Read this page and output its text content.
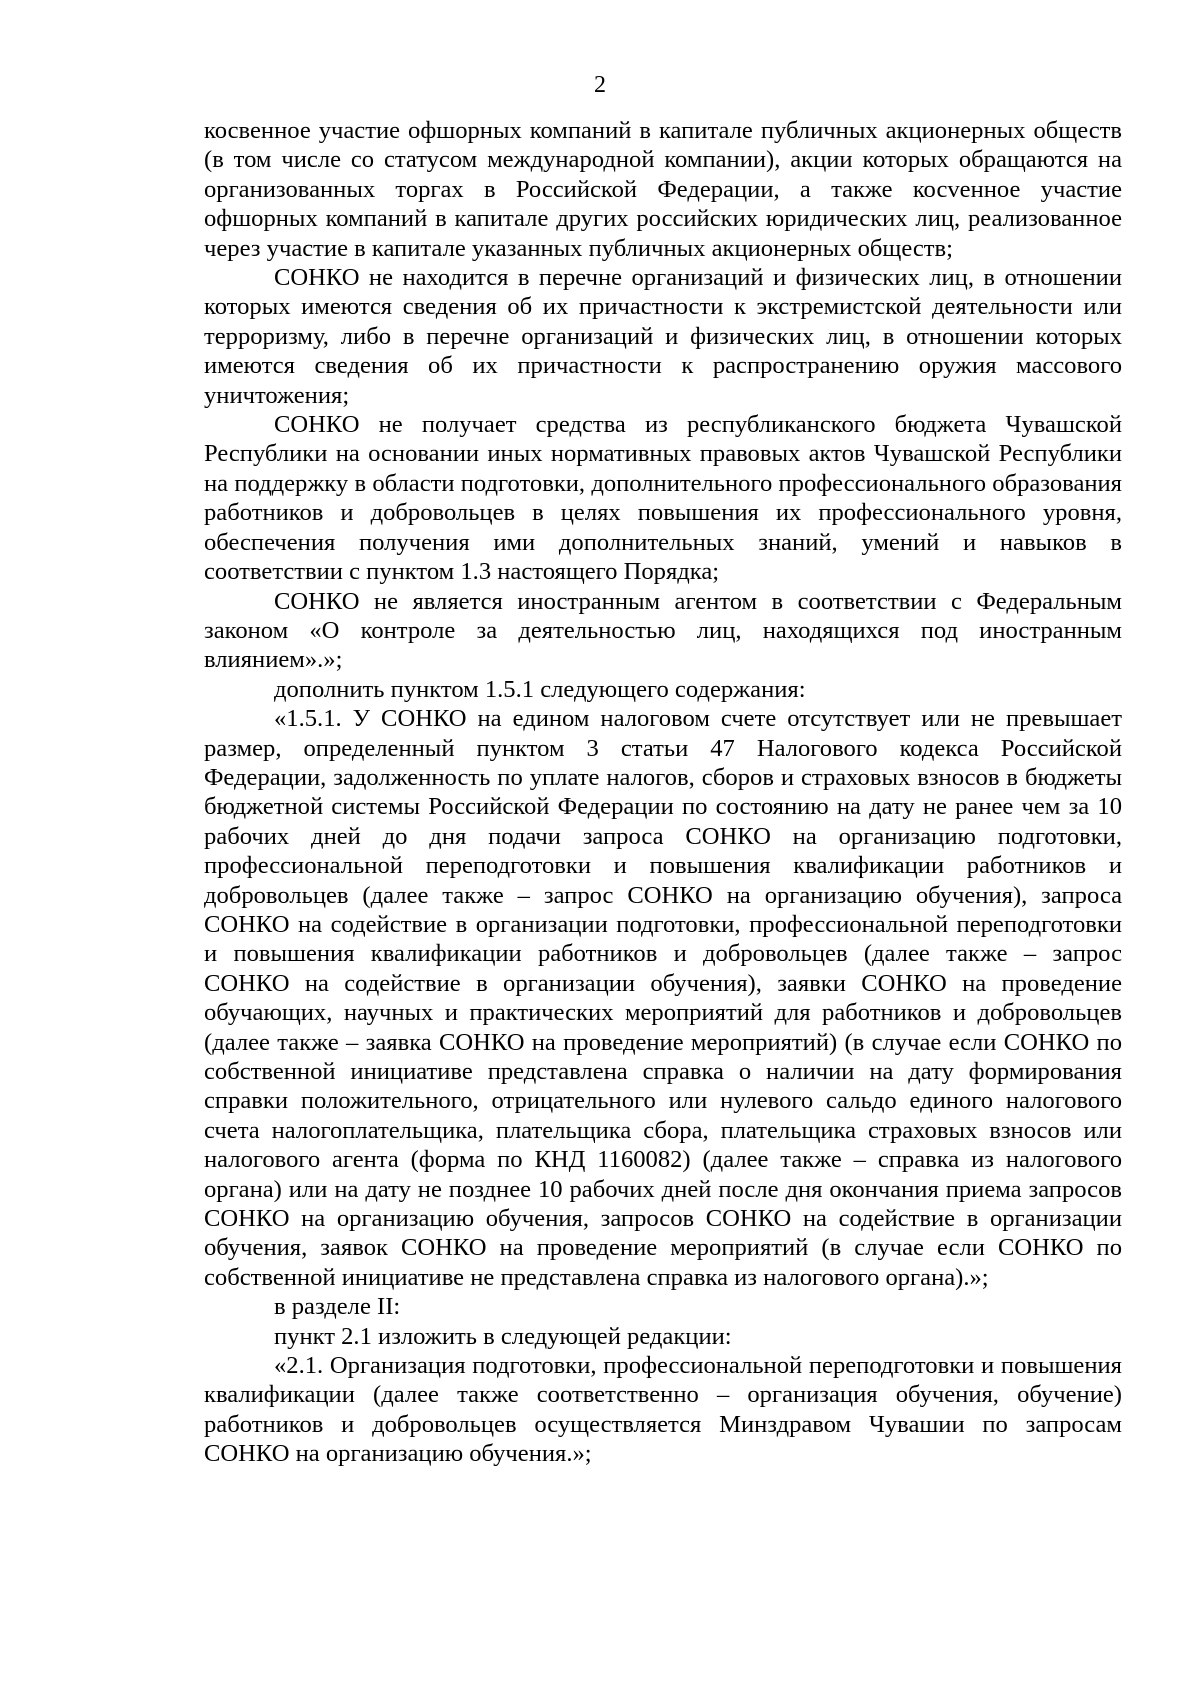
2

косвенное участие офшорных компаний в капитале публичных акционерных обществ (в том числе со статусом международной компании), акции которых обращаются на организованных торгах в Российской Федерации, а также косvенное участие офшорных компаний в капитале других российских юридических лиц, реализованное через участие в капитале указанных публичных акционерных обществ;

СОНКО не находится в перечне организаций и физических лиц, в отношении которых имеются сведения об их причастности к экстремистской деятельности или терроризму, либо в перечне организаций и физических лиц, в отношении которых имеются сведения об их причастности к распространению оружия массового уничтожения;

СОНКО не получает средства из республиканского бюджета Чувашской Республики на основании иных нормативных правовых актов Чувашской Республики на поддержку в области подготовки, дополнительного профессионального образования работников и добровольцев в целях повышения их профессионального уровня, обеспечения получения ими дополнительных знаний, умений и навыков в соответствии с пунктом 1.3 настоящего Порядка;

СОНКО не является иностранным агентом в соответствии с Федеральным законом «О контроле за деятельностью лиц, находящихся под иностранным влиянием».»;

дополнить пунктом 1.5.1 следующего содержания:

«1.5.1. У СОНКО на едином налоговом счете отсутствует или не превышает размер, определенный пунктом 3 статьи 47 Налогового кодекса Российской Федерации, задолженность по уплате налогов, сборов и страховых взносов в бюджеты бюджетной системы Российской Федерации по состоянию на дату не ранее чем за 10 рабочих дней до дня подачи запроса СОНКО на организацию подготовки, профессиональной переподготовки и повышения квалификации работников и добровольцев (далее также – запрос СОНКО на организацию обучения), запроса СОНКО на содействие в организации подготовки, профессиональной переподготовки и повышения квалификации работников и добровольцев (далее также – запрос СОНКО на содействие в организации обучения), заявки СОНКО на проведение обучающих, научных и практических мероприятий для работников и добровольцев (далее также – заявка СОНКО на проведение мероприятий) (в случае если СОНКО по собственной инициативе представлена справка о наличии на дату формирования справки положительного, отрицательного или нулевого сальдо единого налогового счета налогоплательщика, плательщика сбора, плательщика страховых взносов или налогового агента (форма по КНД 1160082) (далее также – справка из налогового органа) или на дату не позднее 10 рабочих дней после дня окончания приема запросов СОНКО на организацию обучения, запросов СОНКО на содействие в организации обучения, заявок СОНКО на проведение мероприятий (в случае если СОНКО по собственной инициативе не представлена справка из налогового органа).»;

в разделе II:

пункт 2.1 изложить в следующей редакции:

«2.1. Организация подготовки, профессиональной переподготовки и повышения квалификации (далее также соответственно – организация обучения, обучение) работников и добровольцев осуществляется Минздравом Чувашии по запросам СОНКО на организацию обучения.»;
